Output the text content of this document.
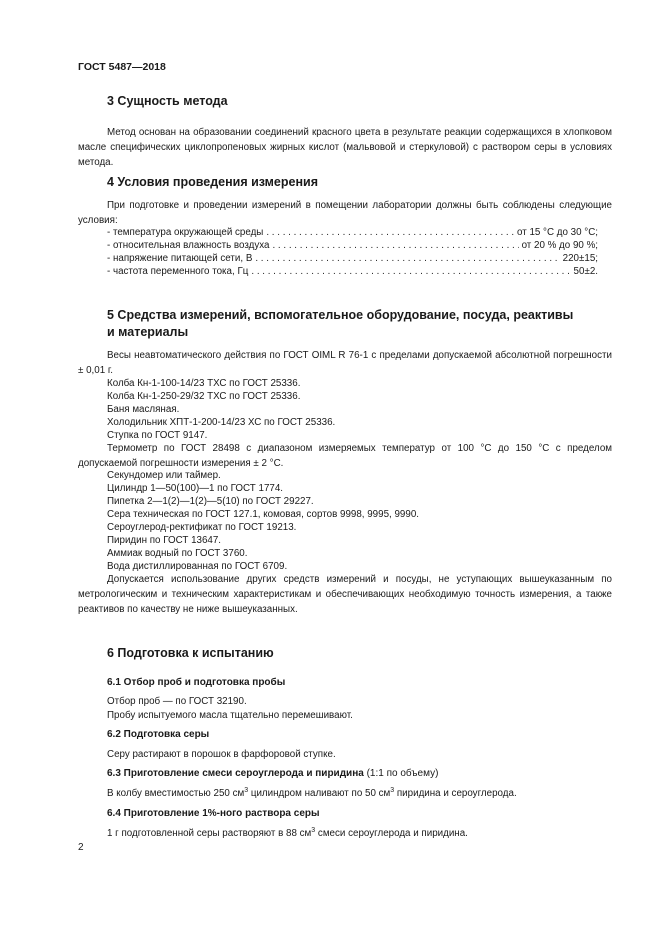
ГОСТ 5487—2018
3 Сущность метода
Метод основан на образовании соединений красного цвета в результате реакции содержащихся в хлопковом масле специфических циклопропеновых жирных кислот (мальвовой и стеркуловой) с раствором серы в условиях метода.
4 Условия проведения измерения
При подготовке и проведении измерений в помещении лаборатории должны быть соблюдены следующие условия:
- температура окружающей среды . . .	от 15 °С до 30 °С;
- относительная влажность воздуха . . .	от 20 % до 90 %;
- напряжение питающей сети, В . . .	220±15;
- частота переменного тока, Гц . . .	50±2.
5 Средства измерений, вспомогательное оборудование, посуда, реактивы
и материалы
Весы неавтоматического действия по ГОСТ OIML R 76-1 с пределами допускаемой абсолютной погрешности ± 0,01 г.
Колба Кн-1-100-14/23 ТХС по ГОСТ 25336.
Колба Кн-1-250-29/32 ТХС по ГОСТ 25336.
Баня масляная.
Холодильник ХПТ-1-200-14/23 ХС по ГОСТ 25336.
Ступка по ГОСТ 9147.
Термометр по ГОСТ 28498 с диапазоном измеряемых температур от 100 °С до 150 °С с пределом допускаемой погрешности измерения ± 2 °С.
Секундомер или таймер.
Цилиндр 1—50(100)—1 по ГОСТ 1774.
Пипетка 2—1(2)—1(2)—5(10) по ГОСТ 29227.
Сера техническая по ГОСТ 127.1, комовая, сортов 9998, 9995, 9990.
Сероуглерод-ректификат по ГОСТ 19213.
Пиридин по ГОСТ 13647.
Аммиак водный по ГОСТ 3760.
Вода дистиллированная по ГОСТ 6709.
Допускается использование других средств измерений и посуды, не уступающих вышеуказанным по метрологическим и техническим характеристикам и обеспечивающих необходимую точность измерения, а также реактивов по качеству не ниже вышеуказанных.
6 Подготовка к испытанию
6.1 Отбор проб и подготовка пробы
Отбор проб — по ГОСТ 32190.
Пробу испытуемого масла тщательно перемешивают.
6.2 Подготовка серы
Серу растирают в порошок в фарфоровой ступке.
6.3 Приготовление смеси сероуглерода и пиридина (1:1 по объему)
В колбу вместимостью 250 $см^3$ цилиндром наливают по 50 $см^3$ пиридина и сероуглерода.
6.4 Приготовление 1%-ного раствора серы
1 г подготовленной серы растворяют в 88 $см^3$ смеси сероуглерода и пиридина.
2
